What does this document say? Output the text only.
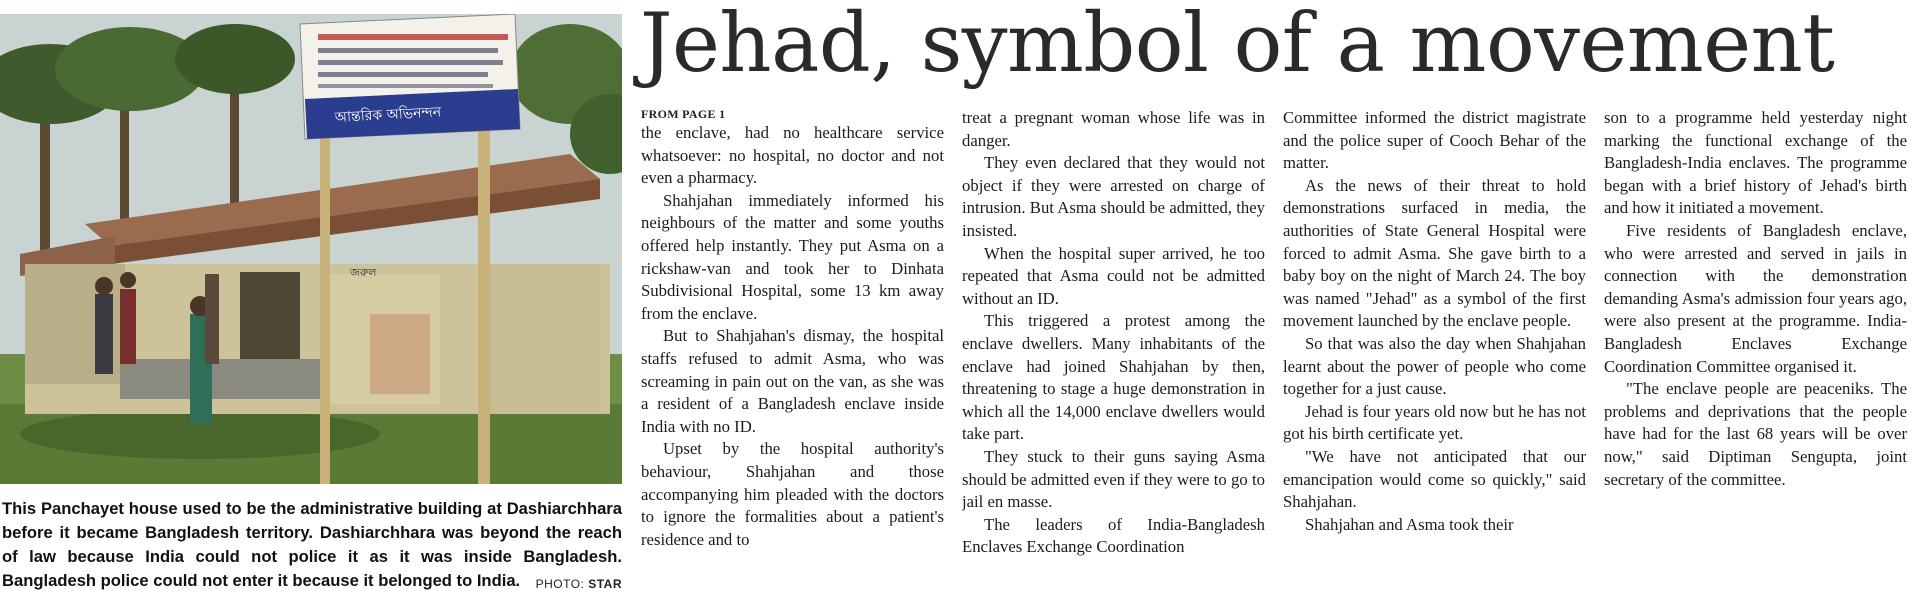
আন্তরিক অভিনন্দন
জরুল
This Panchayet house used to be the administrative building at Dashiarchhara before it became Bangladesh territory. Dashiarchhara was beyond the reach of law because India could not police it as it was inside Bangladesh. Bangladesh police could not enter it because it belonged to India.	PHOTO: STAR
Jehad, symbol of a movement
FROM PAGE 1

the enclave, had no healthcare service whatsoever: no hospital, no doctor and not even a pharmacy.

Shahjahan immediately informed his neighbours of the matter and some youths offered help instantly. They put Asma on a rickshaw-van and took her to Dinhata Subdivisional Hospital, some 13 km away from the enclave.

But to Shahjahan's dismay, the hospital staffs refused to admit Asma, who was screaming in pain out on the van, as she was a resident of a Bangladesh enclave inside India with no ID.

Upset by the hospital authority's behaviour, Shahjahan and those accompanying him pleaded with the doctors to ignore the formalities about a patient's residence and to

treat a pregnant woman whose life was in danger.

They even declared that they would not object if they were arrested on charge of intrusion. But Asma should be admitted, they insisted.

When the hospital super arrived, he too repeated that Asma could not be admitted without an ID.

This triggered a protest among the enclave dwellers. Many inhabitants of the enclave had joined Shahjahan by then, threatening to stage a huge demonstration in which all the 14,000 enclave dwellers would take part.

They stuck to their guns saying Asma should be admitted even if they were to go to jail en masse.

The leaders of India-Bangladesh Enclaves Exchange Coordination

Committee informed the district magistrate and the police super of Cooch Behar of the matter.

As the news of their threat to hold demonstrations surfaced in media, the authorities of State General Hospital were forced to admit Asma. She gave birth to a baby boy on the night of March 24. The boy was named "Jehad" as a symbol of the first movement launched by the enclave people.

So that was also the day when Shahjahan learnt about the power of people who come together for a just cause.

Jehad is four years old now but he has not got his birth certificate yet.

"We have not anticipated that our emancipation would come so quickly," said Shahjahan.

Shahjahan and Asma took their

son to a programme held yesterday night marking the functional exchange of the Bangladesh-India enclaves. The programme began with a brief history of Jehad's birth and how it initiated a movement.

Five residents of Bangladesh enclave, who were arrested and served in jails in connection with the demonstration demanding Asma's admission four years ago, were also present at the programme. India-Bangladesh Enclaves Exchange Coordination Committee organised it.

"The enclave people are peaceniks. The problems and deprivations that the people have had for the last 68 years will be over now," said Diptiman Sengupta, joint secretary of the committee.
